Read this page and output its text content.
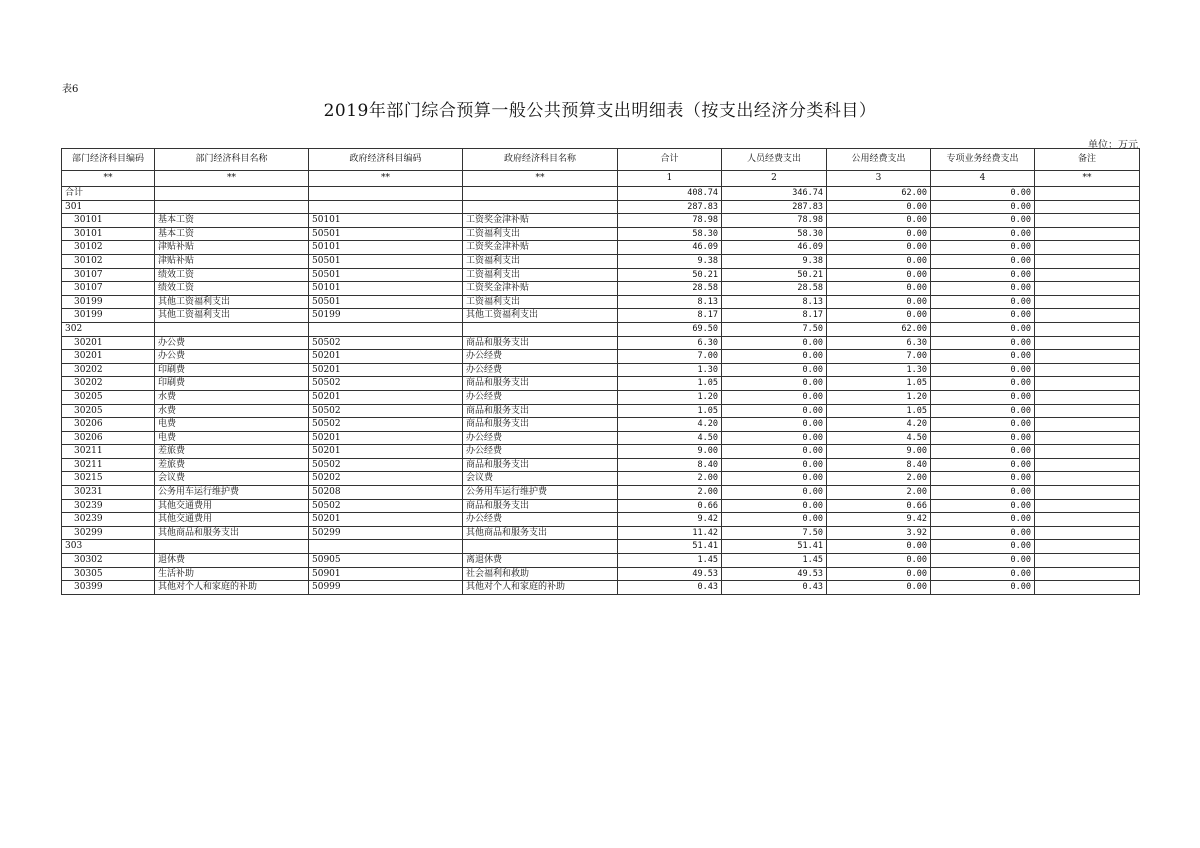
表6
2019年部门综合预算一般公共预算支出明细表（按支出经济分类科目）
单位：万元
部门经济科目编码	部门经济科目名称	政府经济科目编码	政府经济科目名称	合计	人员经费支出	公用经费支出	专项业务经费支出	备注
**	**	**	**	1	2	3	4	**
合计				408.74	346.74	62.00	0.00	
301				287.83	287.83	0.00	0.00	
30101	基本工资	50101	工资奖金津补贴	78.98	78.98	0.00	0.00	
30101	基本工资	50501	工资福利支出	58.30	58.30	0.00	0.00	
30102	津贴补贴	50101	工资奖金津补贴	46.09	46.09	0.00	0.00	
30102	津贴补贴	50501	工资福利支出	9.38	9.38	0.00	0.00	
30107	绩效工资	50501	工资福利支出	50.21	50.21	0.00	0.00	
30107	绩效工资	50101	工资奖金津补贴	28.58	28.58	0.00	0.00	
30199	其他工资福利支出	50501	工资福利支出	8.13	8.13	0.00	0.00	
30199	其他工资福利支出	50199	其他工资福利支出	8.17	8.17	0.00	0.00	
302				69.50	7.50	62.00	0.00	
30201	办公费	50502	商品和服务支出	6.30	0.00	6.30	0.00	
30201	办公费	50201	办公经费	7.00	0.00	7.00	0.00	
30202	印刷费	50201	办公经费	1.30	0.00	1.30	0.00	
30202	印刷费	50502	商品和服务支出	1.05	0.00	1.05	0.00	
30205	水费	50201	办公经费	1.20	0.00	1.20	0.00	
30205	水费	50502	商品和服务支出	1.05	0.00	1.05	0.00	
30206	电费	50502	商品和服务支出	4.20	0.00	4.20	0.00	
30206	电费	50201	办公经费	4.50	0.00	4.50	0.00	
30211	差旅费	50201	办公经费	9.00	0.00	9.00	0.00	
30211	差旅费	50502	商品和服务支出	8.40	0.00	8.40	0.00	
30215	会议费	50202	会议费	2.00	0.00	2.00	0.00	
30231	公务用车运行维护费	50208	公务用车运行维护费	2.00	0.00	2.00	0.00	
30239	其他交通费用	50502	商品和服务支出	0.66	0.00	0.66	0.00	
30239	其他交通费用	50201	办公经费	9.42	0.00	9.42	0.00	
30299	其他商品和服务支出	50299	其他商品和服务支出	11.42	7.50	3.92	0.00	
303				51.41	51.41	0.00	0.00	
30302	退休费	50905	离退休费	1.45	1.45	0.00	0.00	
30305	生活补助	50901	社会福利和救助	49.53	49.53	0.00	0.00	
30399	其他对个人和家庭的补助	50999	其他对个人和家庭的补助	0.43	0.43	0.00	0.00	
